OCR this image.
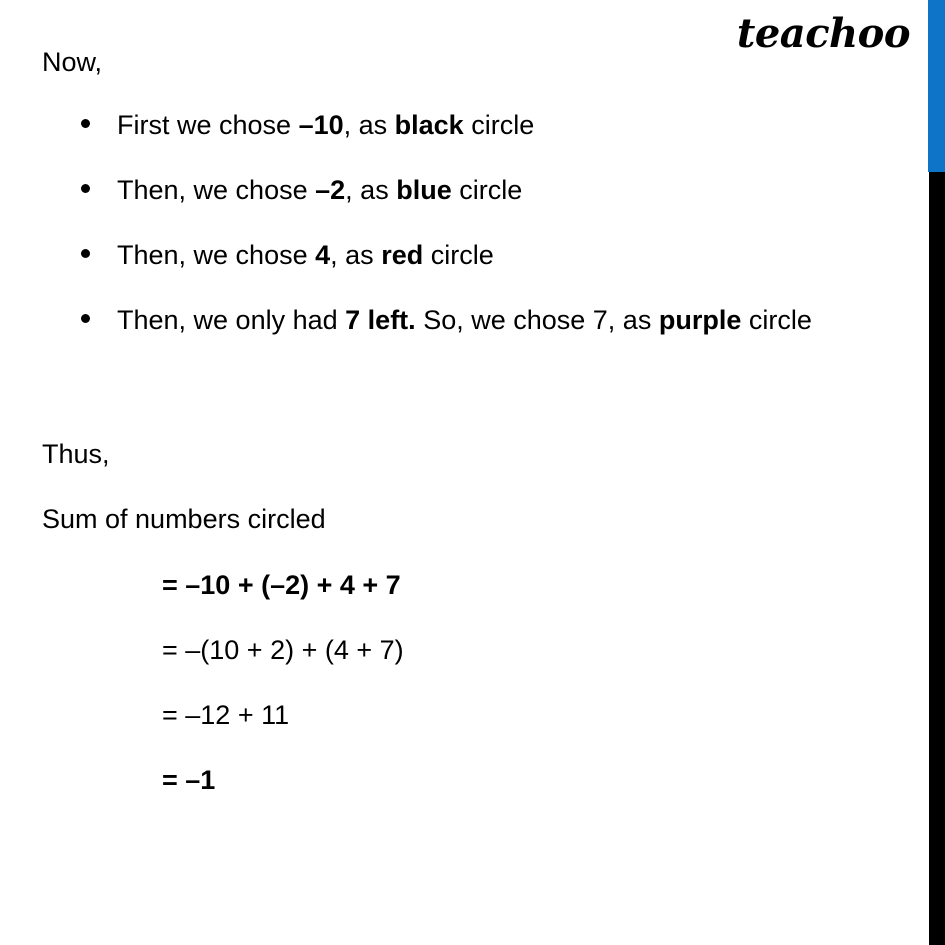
teachoo
Now,
First we chose –10, as black circle
Then, we chose –2, as blue circle
Then, we chose 4, as red circle
Then, we only had 7 left. So, we chose 7, as purple circle
Thus,
Sum of numbers circled
= –10 + (–2) + 4 + 7
= –(10 + 2) + (4 + 7)
= –12 + 11
= –1
